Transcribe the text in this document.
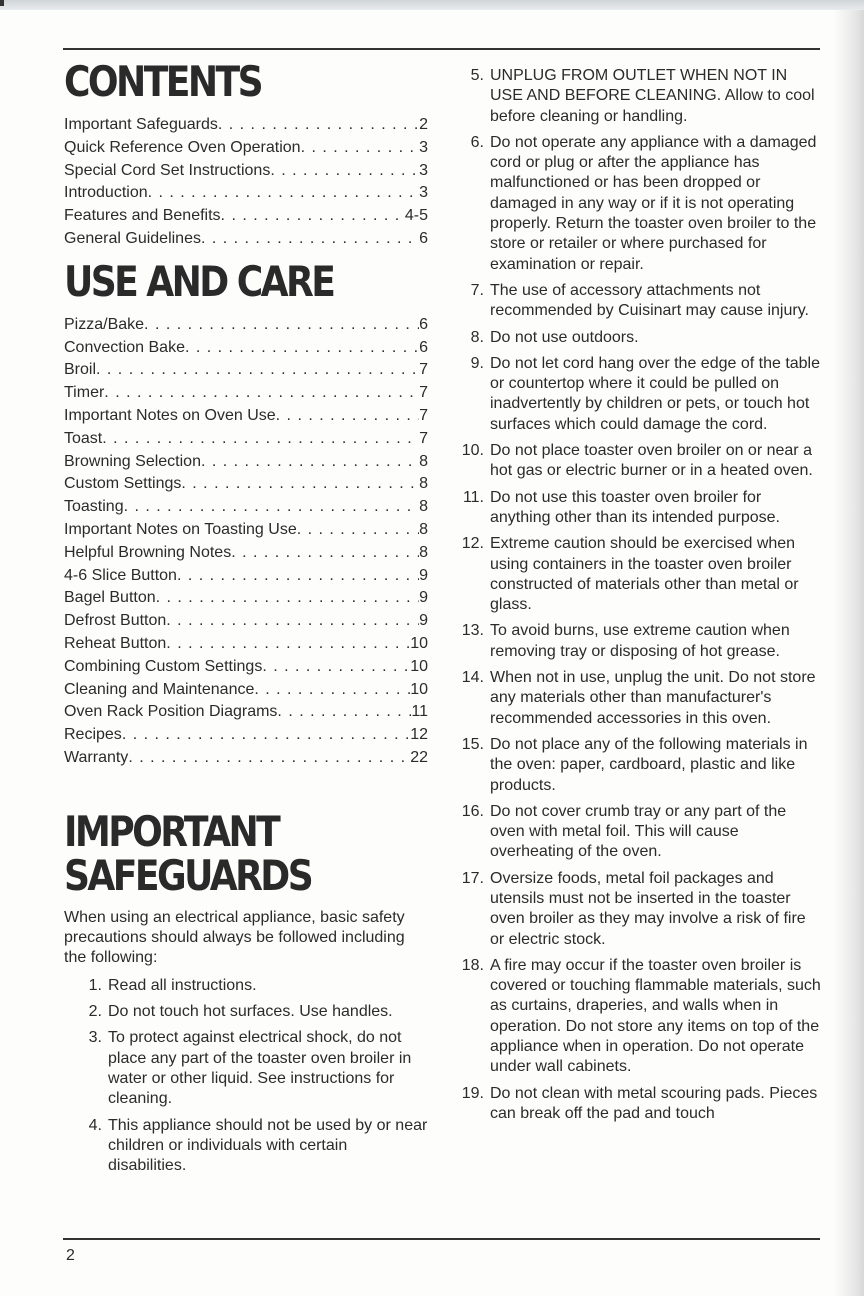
CONTENTS
Important Safeguards . . .	2
Quick Reference Oven Operation . . .	3
Special Cord Set Instructions . . .	3
Introduction . . .	3
Features and Benefits . . .	4-5
General Guidelines . . .	6
USE AND CARE
Pizza/Bake . . .	6
Convection Bake . . .	6
Broil . . .	7
Timer . . .	7
Important Notes on Oven Use . . .	7
Toast . . .	7
Browning Selection . . .	8
Custom Settings . . .	8
Toasting . . .	8
Important Notes on Toasting Use . . .	8
Helpful Browning Notes . . .	8
4-6 Slice Button . . .	9
Bagel Button . . .	9
Defrost Button . . .	9
Reheat Button . . .	10
Combining Custom Settings . . .	10
Cleaning and Maintenance . . .	10
Oven Rack Position Diagrams . . .	11
Recipes . . .	12
Warranty . . .	22
IMPORTANT
SAFEGUARDS

When using an electrical appliance, basic safety precautions should always be followed including the following:

1. Read all instructions.
2. Do not touch hot surfaces. Use handles.
3. To protect against electrical shock, do not place any part of the toaster oven broiler in water or other liquid. See instructions for cleaning.
4. This appliance should not be used by or near children or individuals with certain disabilities.
5. UNPLUG FROM OUTLET WHEN NOT IN USE AND BEFORE CLEANING. Allow to cool before cleaning or handling.
6. Do not operate any appliance with a damaged cord or plug or after the appliance has malfunctioned or has been dropped or damaged in any way or if it is not operating properly. Return the toaster oven broiler to the store or retailer or where purchased for examination or repair.
7. The use of accessory attachments not recommended by Cuisinart may cause injury.
8. Do not use outdoors.
9. Do not let cord hang over the edge of the table or countertop where it could be pulled on inadvertently by children or pets, or touch hot surfaces which could damage the cord.
10. Do not place toaster oven broiler on or near a hot gas or electric burner or in a heated oven.
11. Do not use this toaster oven broiler for anything other than its intended purpose.
12. Extreme caution should be exercised when using containers in the toaster oven broiler constructed of materials other than metal or glass.
13. To avoid burns, use extreme caution when removing tray or disposing of hot grease.
14. When not in use, unplug the unit. Do not store any materials other than manufacturer's recommended accessories in this oven.
15. Do not place any of the following materials in the oven: paper, cardboard, plastic and like products.
16. Do not cover crumb tray or any part of the oven with metal foil. This will cause overheating of the oven.
17. Oversize foods, metal foil packages and utensils must not be inserted in the toaster oven broiler as they may involve a risk of fire or electric stock.
18. A fire may occur if the toaster oven broiler is covered or touching flammable materials, such as curtains, draperies, and walls when in operation. Do not store any items on top of the appliance when in operation. Do not operate under wall cabinets.
19. Do not clean with metal scouring pads. Pieces can break off the pad and touch
2
